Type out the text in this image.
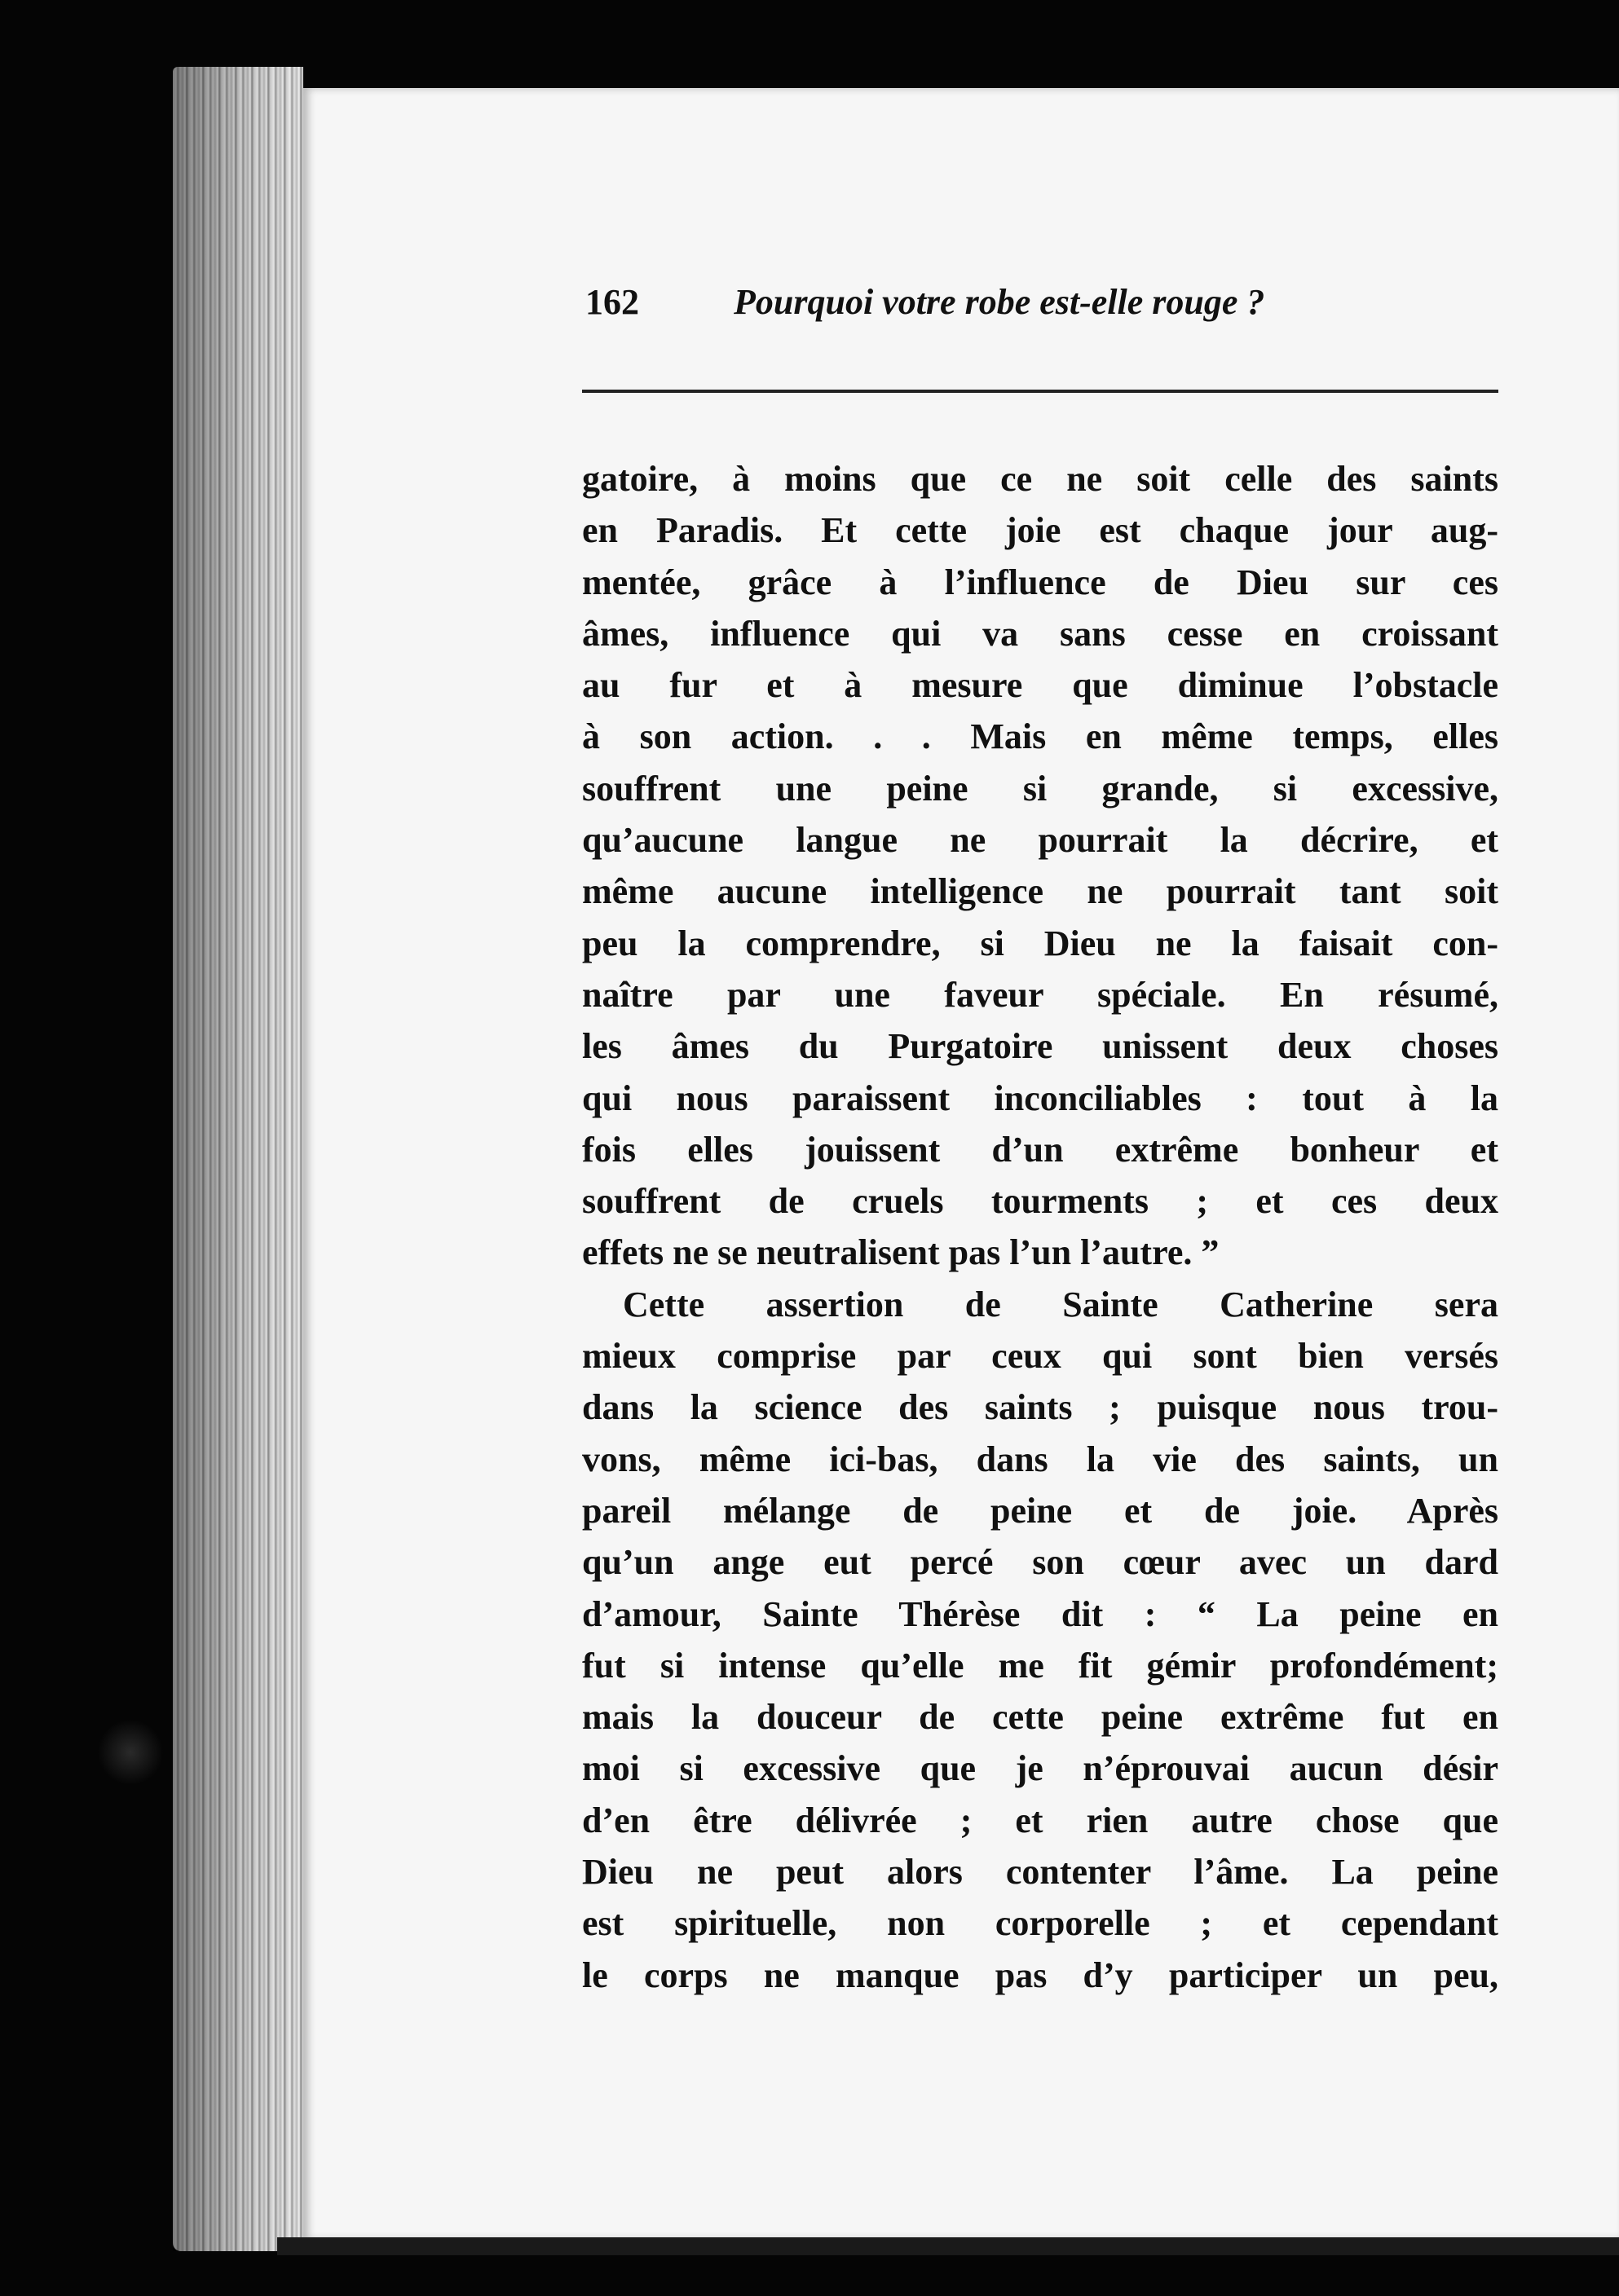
162	Pourquoi votre robe est-elle rouge ?
gatoire, à moins que ce ne soit celle des saints
en Paradis. Et cette joie est chaque jour aug-
mentée, grâce à l’influence de Dieu sur ces
âmes, influence qui va sans cesse en croissant
au fur et à mesure que diminue l’obstacle
à son action. . . Mais en même temps, elles
souffrent une peine si grande, si excessive,
qu’aucune langue ne pourrait la décrire, et
même aucune intelligence ne pourrait tant soit
peu la comprendre, si Dieu ne la faisait con-
naître par une faveur spéciale. En résumé,
les âmes du Purgatoire unissent deux choses
qui nous paraissent inconciliables : tout à la
fois elles jouissent d’un extrême bonheur et
souffrent de cruels tourments ; et ces deux
effets ne se neutralisent pas l’un l’autre. ”
Cette assertion de Sainte Catherine sera
mieux comprise par ceux qui sont bien versés
dans la science des saints ; puisque nous trou-
vons, même ici-bas, dans la vie des saints, un
pareil mélange de peine et de joie. Après
qu’un ange eut percé son cœur avec un dard
d’amour, Sainte Thérèse dit : “ La peine en
fut si intense qu’elle me fit gémir profondément;
mais la douceur de cette peine extrême fut en
moi si excessive que je n’éprouvai aucun désir
d’en être délivrée ; et rien autre chose que
Dieu ne peut alors contenter l’âme. La peine
est spirituelle, non corporelle ; et cependant
le corps ne manque pas d’y participer un peu,
